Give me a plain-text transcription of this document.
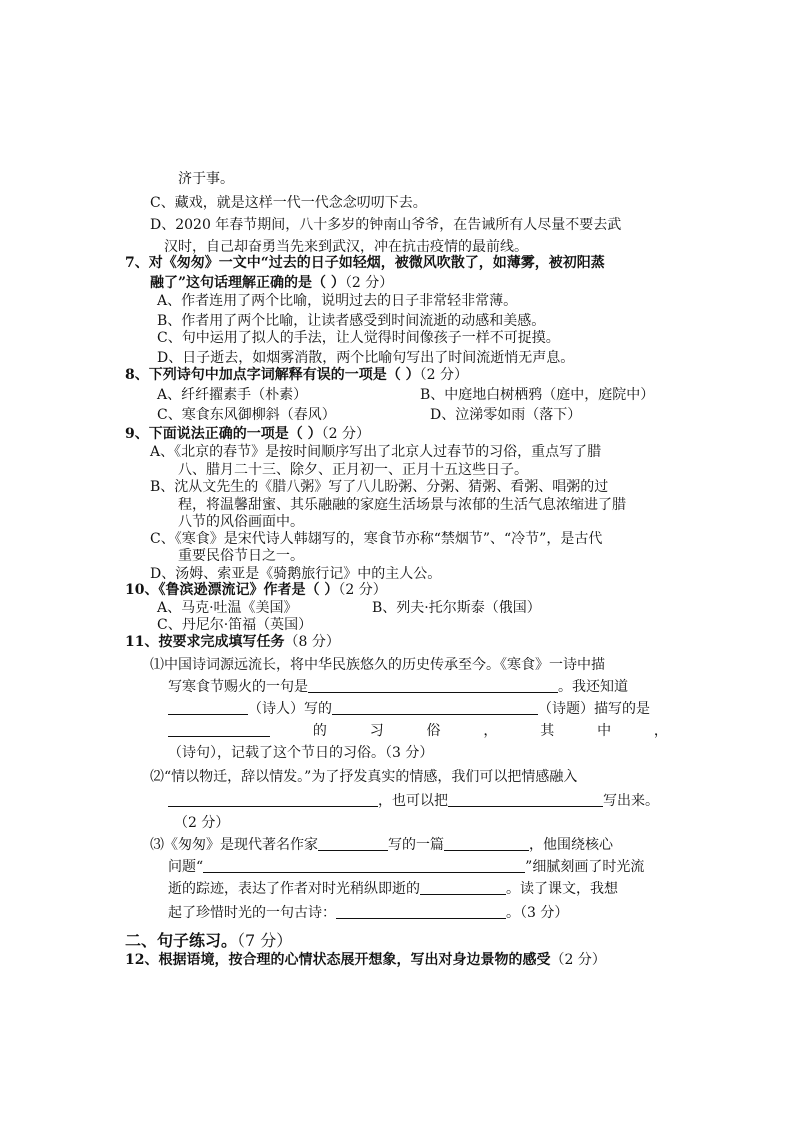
济于事。
C、藏戏，就是这样一代一代念念叨叨下去。
D、2020 年春节期间，八十多岁的钟南山爷爷，在告诫所有人尽量不要去武
汉时，自己却奋勇当先来到武汉，冲在抗击疫情的最前线。
7、对《匆匆》一文中“过去的日子如轻烟，被微风吹散了，如薄雾，被初阳蒸
融了”这句话理解正确的是（ ）（2 分）
A、作者连用了两个比喻，说明过去的日子非常轻非常薄。
B、作者用了两个比喻，让读者感受到时间流逝的动感和美感。
C、句中运用了拟人的手法，让人觉得时间像孩子一样不可捉摸。
D、日子逝去，如烟雾消散，两个比喻句写出了时间流逝悄无声息。
8、下列诗句中加点字词解释有误的一项是（ ）（2 分）
A、纤纤擢素手（朴素）	B、中庭地白树栖鸦（庭中，庭院中）
C、寒食东风御柳斜（春风）	D、泣涕零如雨（落下）
9、下面说法正确的一项是（ ）（2 分）
A、《北京的春节》是按时间顺序写出了北京人过春节的习俗，重点写了腊
八、腊月二十三、除夕、正月初一、正月十五这些日子。
B、沈从文先生的《腊八粥》写了八儿盼粥、分粥、猜粥、看粥、唱粥的过
程，将温馨甜蜜、其乐融融的家庭生活场景与浓郁的生活气息浓缩进了腊
八节的风俗画面中。
C、《寒食》是宋代诗人韩翃写的，寒食节亦称“禁烟节”、“冷节”，是古代
重要民俗节日之一。
D、汤姆、索亚是《骑鹅旅行记》中的主人公。
10、《鲁滨逊漂流记》作者是（ ）（2 分）
A、马克·吐温《美国》	B、列夫·托尔斯泰（俄国）
C、丹尼尔·笛福（英国）
11、按要求完成填写任务（8 分）
⑴中国诗词源远流长，将中华民族悠久的历史传承至今。《寒食》一诗中描
写寒食节赐火的一句是	。我还知道
（诗人）写的	（诗题）描写的是
的	习	俗	，	其	中	，
（诗句），记载了这个节日的习俗。（3 分）
⑵“情以物迁，辞以情发。”为了抒发真实的情感，我们可以把情感融入
，也可以把	写出来。
（2 分）
⑶《匆匆》是现代著名作家	写的一篇	，他围绕核心
问题“	”细腻刻画了时光流
逝的踪迹，表达了作者对时光稍纵即逝的	。读了课文，我想
起了珍惜时光的一句古诗：	。（3 分）
二、句子练习。（7 分）
12、根据语境，按合理的心情状态展开想象，写出对身边景物的感受（2 分）
